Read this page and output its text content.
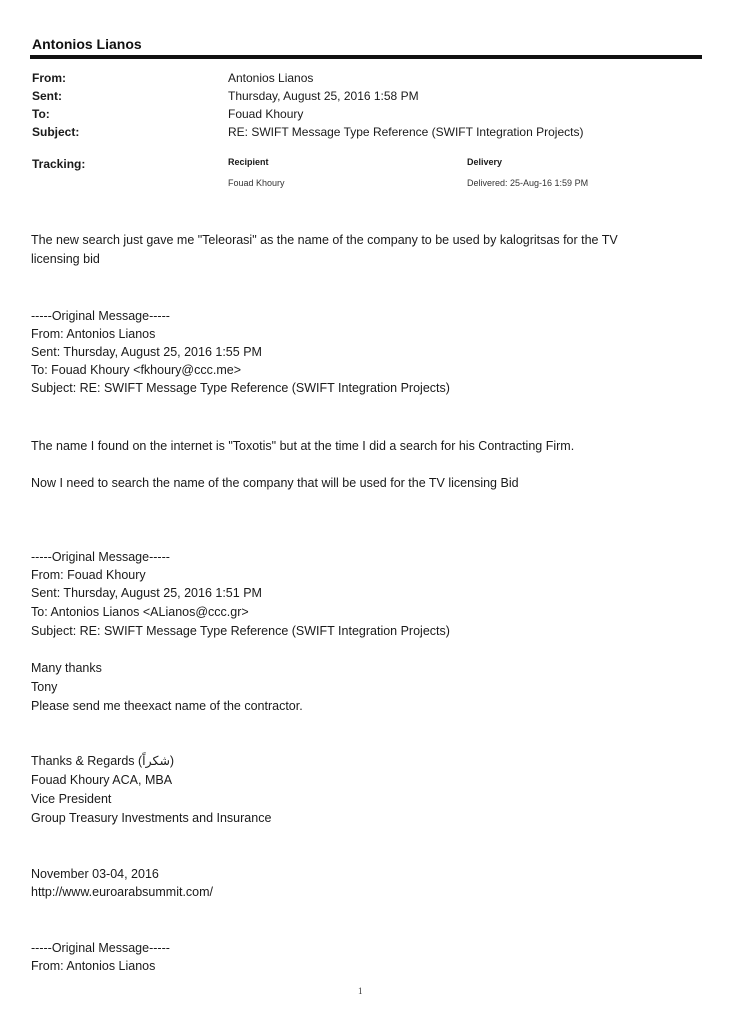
Antonios Lianos
From:	Antonios Lianos
Sent:	Thursday, August 25, 2016 1:58 PM
To:	Fouad Khoury
Subject:	RE: SWIFT Message Type Reference (SWIFT Integration Projects)
Tracking:	Recipient	Delivery
Fouad Khoury	Delivered: 25-Aug-16 1:59 PM
The new search just gave me "Teleorasi" as the name of the company to be used by kalogritsas for the TV
licensing bid
-----Original Message-----
From: Antonios Lianos
Sent: Thursday, August 25, 2016 1:55 PM
To: Fouad Khoury <fkhoury@ccc.me>
Subject: RE: SWIFT Message Type Reference (SWIFT Integration Projects)
The name I found on the internet is "Toxotis" but at the time I did a search for his Contracting Firm.
Now I need to search the name of the company that will be used for the TV licensing Bid
-----Original Message-----
From: Fouad Khoury
Sent: Thursday, August 25, 2016 1:51 PM
To: Antonios Lianos <ALianos@ccc.gr>
Subject: RE: SWIFT Message Type Reference (SWIFT Integration Projects)
Many thanks
Tony
Please send me theexact name of the contractor.
Thanks & Regards (شكراً)
Fouad Khoury ACA, MBA
Vice President
Group Treasury Investments and Insurance
November 03-04, 2016
http://www.euroarabsummit.com/
-----Original Message-----
From: Antonios Lianos
1
